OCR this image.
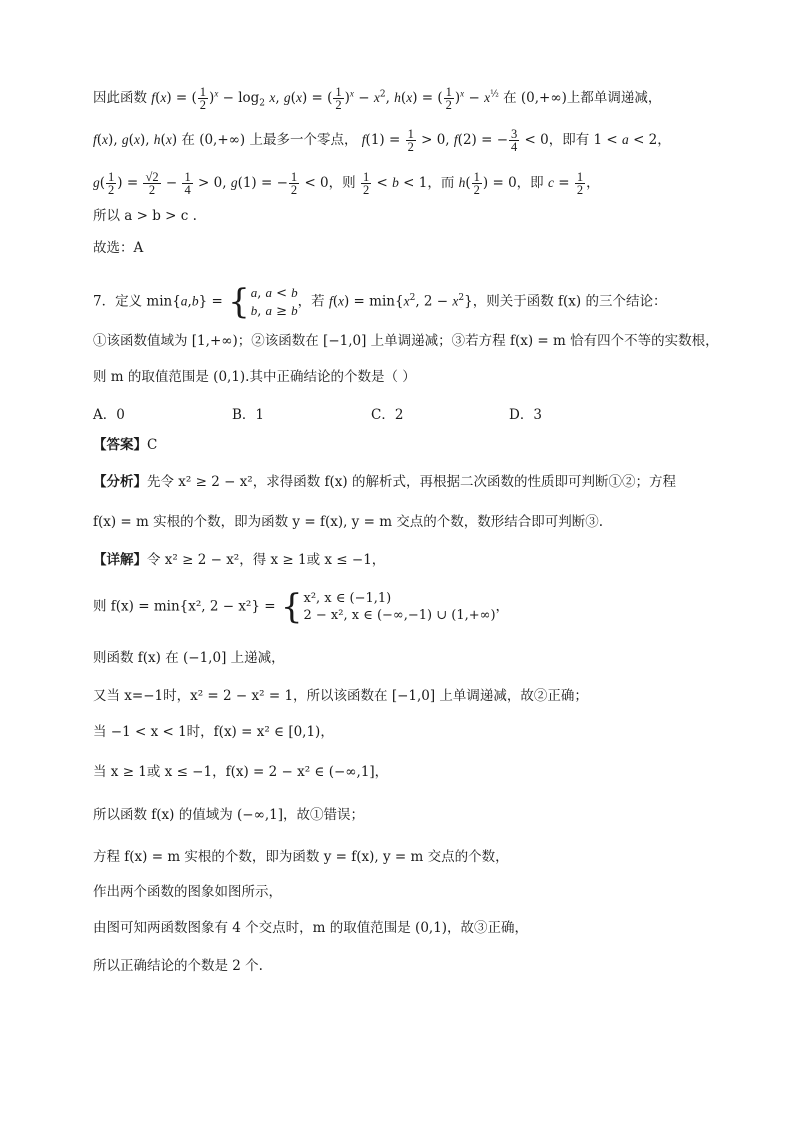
因此函数 f(x) = ( $\frac{1}{2} )^x - \log_2 x$, g(x) = ( $\frac{1}{2} )^x - x^2$, h(x) = ( $\frac{1}{2} )^x - x^{\frac{1}{2}}$ 在 (0,+∞)上都单调递减，
f(x), g(x), h(x) 在 (0,+∞) 上最多一个零点， $f(1) = \frac{1}{2} > 0$, f(2) = − $\frac{3}{4} < 0$，即有 1 < a < 2，
$g( \frac{1}{2}$ ) = $\frac{√2}{2} - \frac{1}{4} > 0$, g(1) = − $\frac{1}{2} < 0$，则 $\frac{1}{2} < b < 1$，而 $h( \frac{1}{2}$ ) = 0，即 $c = \frac{1}{2}$ ，
所以 a > b > c .
故选：A
7．定义 min{a,b} = {a, a < b
b, a ≥ b，若 $f(x) = \min\{x^2$, $2 - x^2$}，则关于函数 f(x) 的三个结论：
①该函数值域为 [1,+∞)；②该函数在 [−1,0] 上单调递减；③若方程 f(x) = m 恰有四个不等的实数根，
则 m 的取值范围是 (0,1).其中正确结论的个数是（ ）
A．0	B．1	C．2	D．3
【答案】C
【分析】先令 x² ≥ 2 − x²，求得函数 f(x) 的解析式，再根据二次函数的性质即可判断①②；方程
f(x) = m 实根的个数，即为函数 y = f(x), y = m 交点的个数，数形结合即可判断③.
【详解】令 x² ≥ 2 − x²，得 x ≥ 1或 x ≤ −1，
则 f(x) = min{x², 2 − x²} = {x², x ∈ (−1,1)
2 − x², x ∈ (−∞,−1) ∪ (1,+∞)，
则函数 f(x) 在 (−1,0] 上递减，
又当 x=−1时，x² = 2 − x² = 1，所以该函数在 [−1,0] 上单调递减，故②正确；
当 −1 < x < 1时，f(x) = x² ∈ [0,1)，
当 x ≥ 1或 x ≤ −1，f(x) = 2 − x² ∈ (−∞,1]，
所以函数 f(x) 的值域为 (−∞,1]，故①错误；
方程 f(x) = m 实根的个数，即为函数 y = f(x), y = m 交点的个数，
作出两个函数的图象如图所示，
由图可知两函数图象有 4 个交点时，m 的取值范围是 (0,1)，故③正确，
所以正确结论的个数是 2 个.
